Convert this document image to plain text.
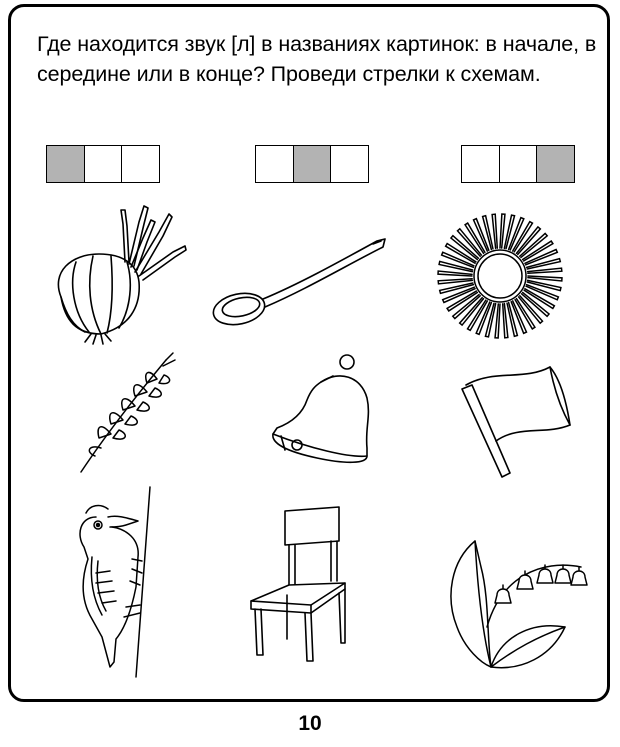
Где находится звук [л] в названиях картинок: в начале, в середине или в конце? Проведи стрелки к схемам.

10
